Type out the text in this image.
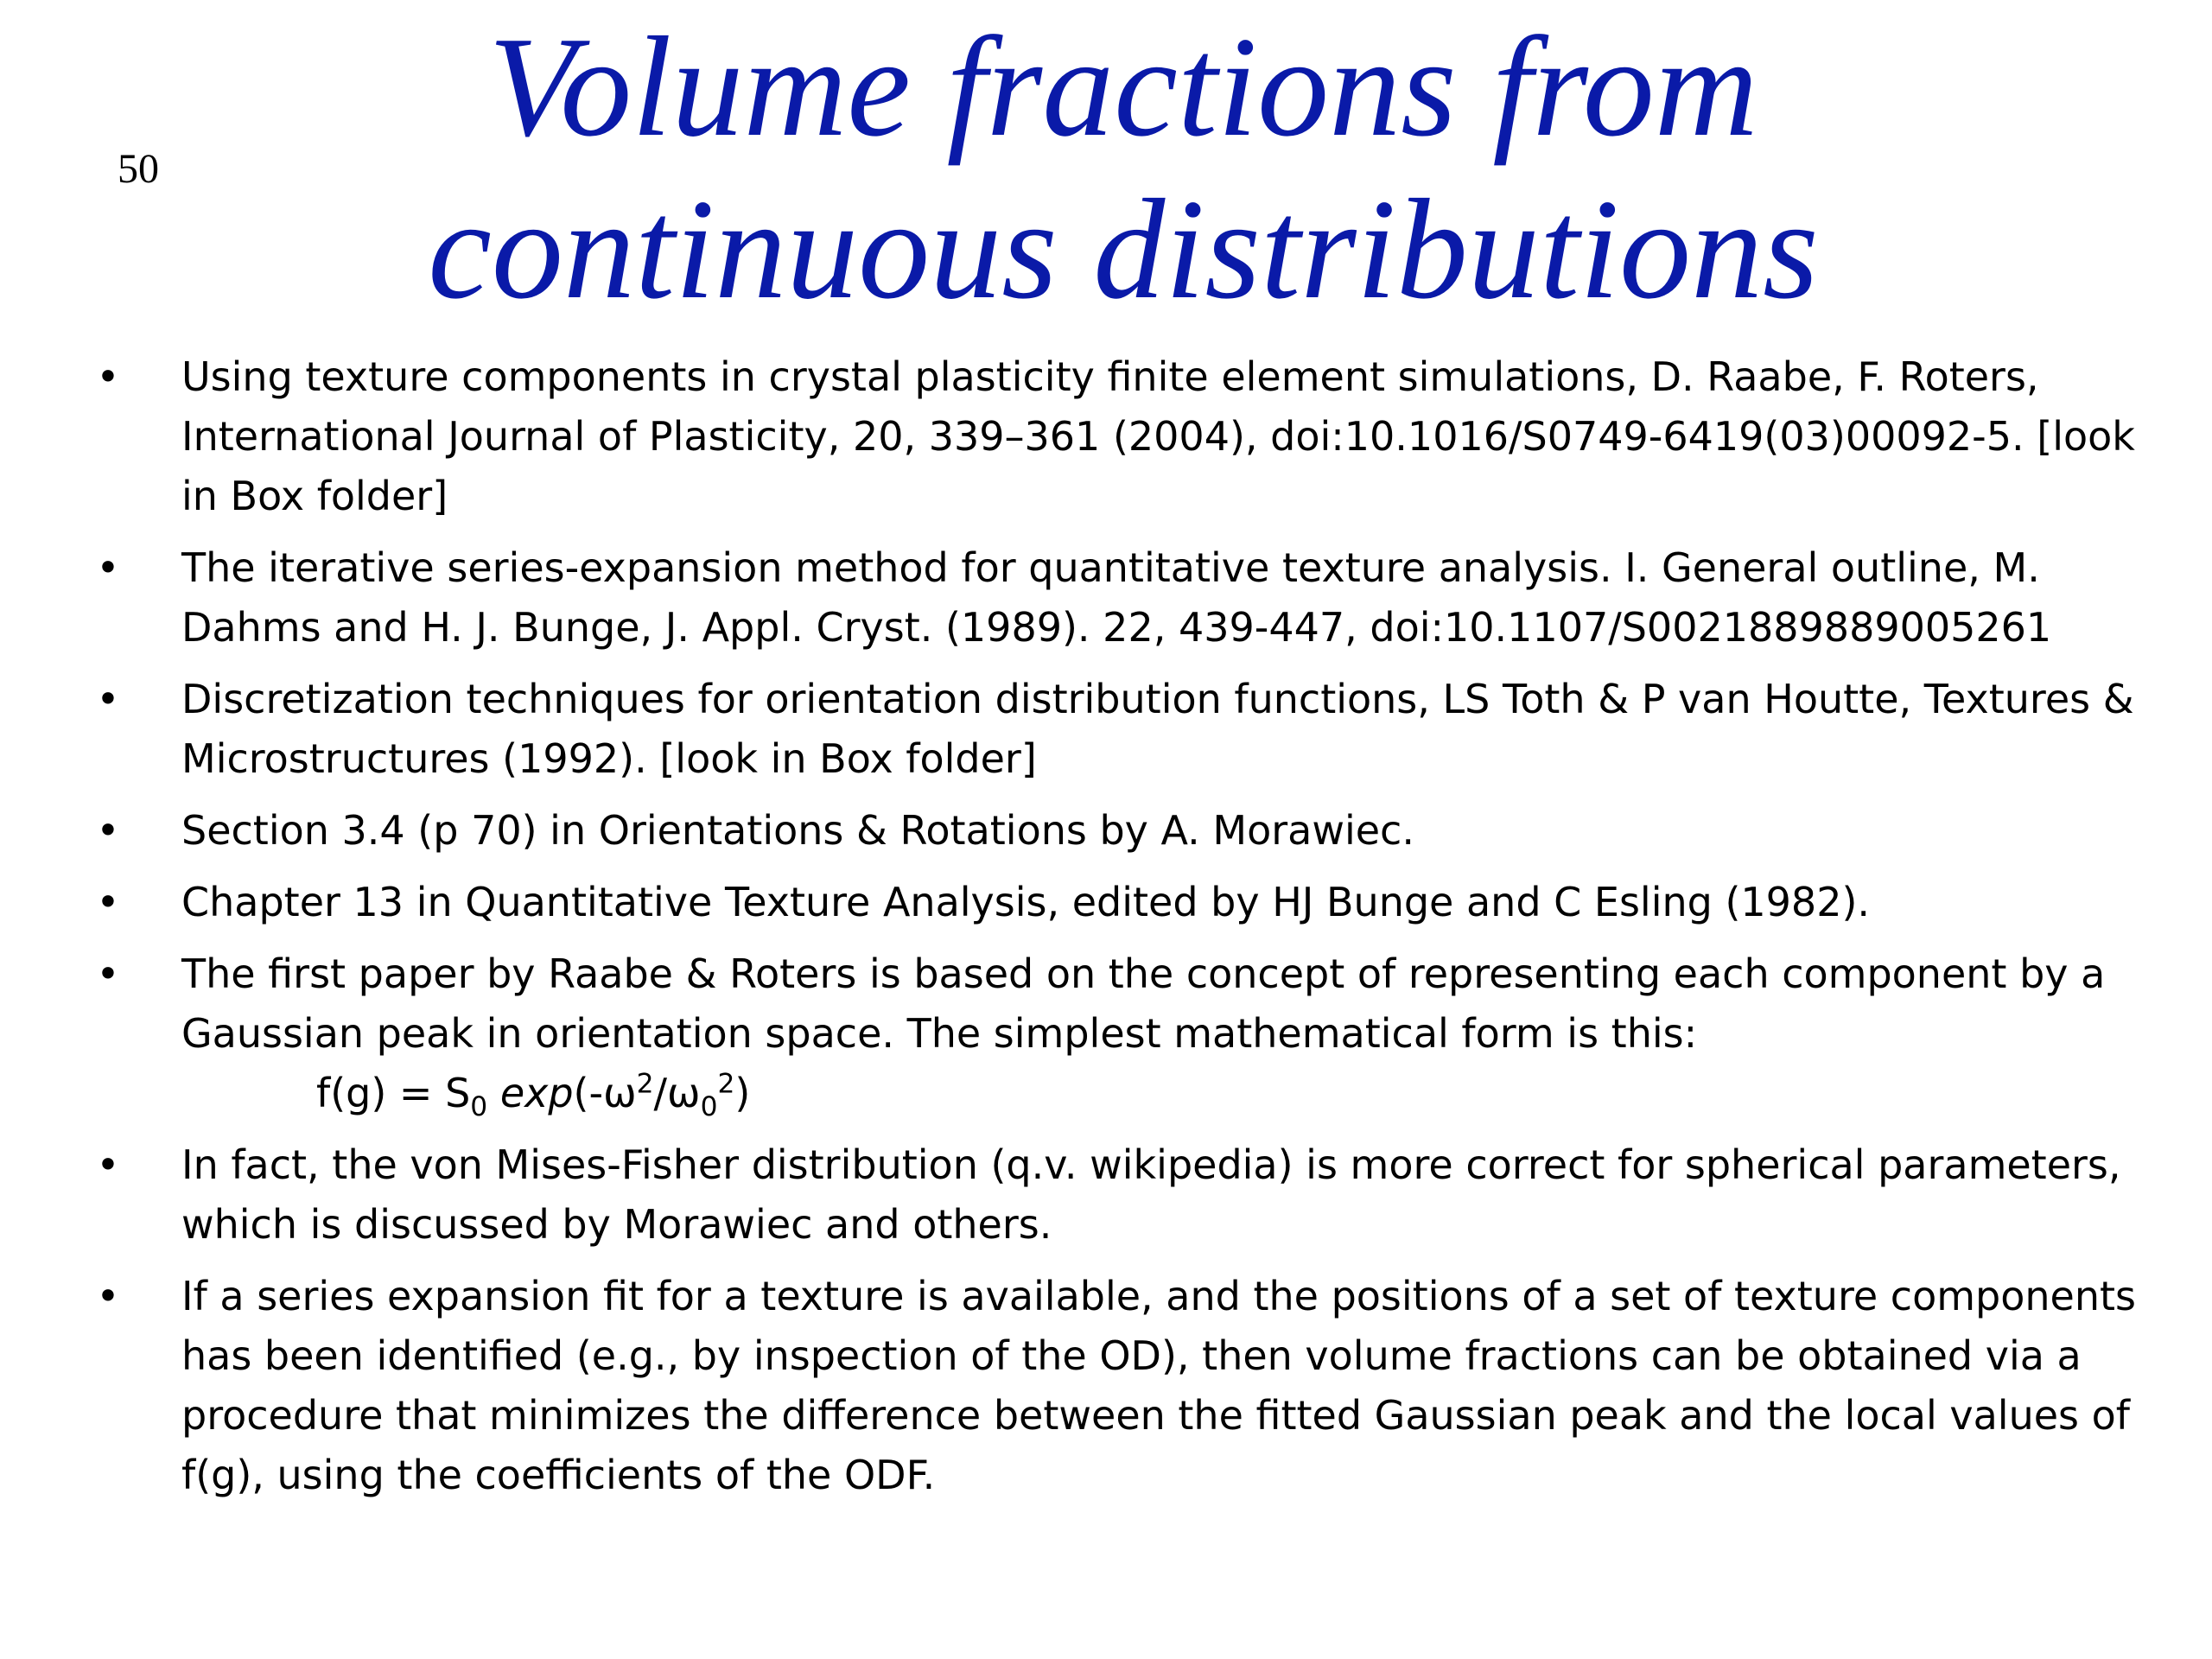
50
Volume fractions from
continuous distributions
• Using texture components in crystal plasticity finite element simulations, D. Raabe, F. Roters, International Journal of Plasticity, 20, 339–361 (2004), doi:10.1016/S0749-6419(03)00092-5. [look in Box folder]
• The iterative series-expansion method for quantitative texture analysis. I. General outline, M. Dahms and H. J. Bunge, J. Appl. Cryst. (1989). 22, 439-447, doi:10.1107/S0021889889005261
• Discretization techniques for orientation distribution functions, LS Toth & P van Houtte, Textures & Microstructures (1992). [look in Box folder]
• Section 3.4 (p 70) in Orientations & Rotations by A. Morawiec.
• Chapter 13 in Quantitative Texture Analysis, edited by HJ Bunge and C Esling (1982).
• The first paper by Raabe & Roters is based on the concept of representing each component by a Gaussian peak in orientation space. The simplest mathematical form is this:
$f(g) = S_0$ $\exp(-\omega^2/\omega_0^2)$
• In fact, the von Mises-Fisher distribution (q.v. wikipedia) is more correct for spherical parameters, which is discussed by Morawiec and others.
• If a series expansion fit for a texture is available, and the positions of a set of texture components has been identified (e.g., by inspection of the OD), then volume fractions can be obtained via a procedure that minimizes the difference between the fitted Gaussian peak and the local values of f(g), using the coefficients of the ODF.
